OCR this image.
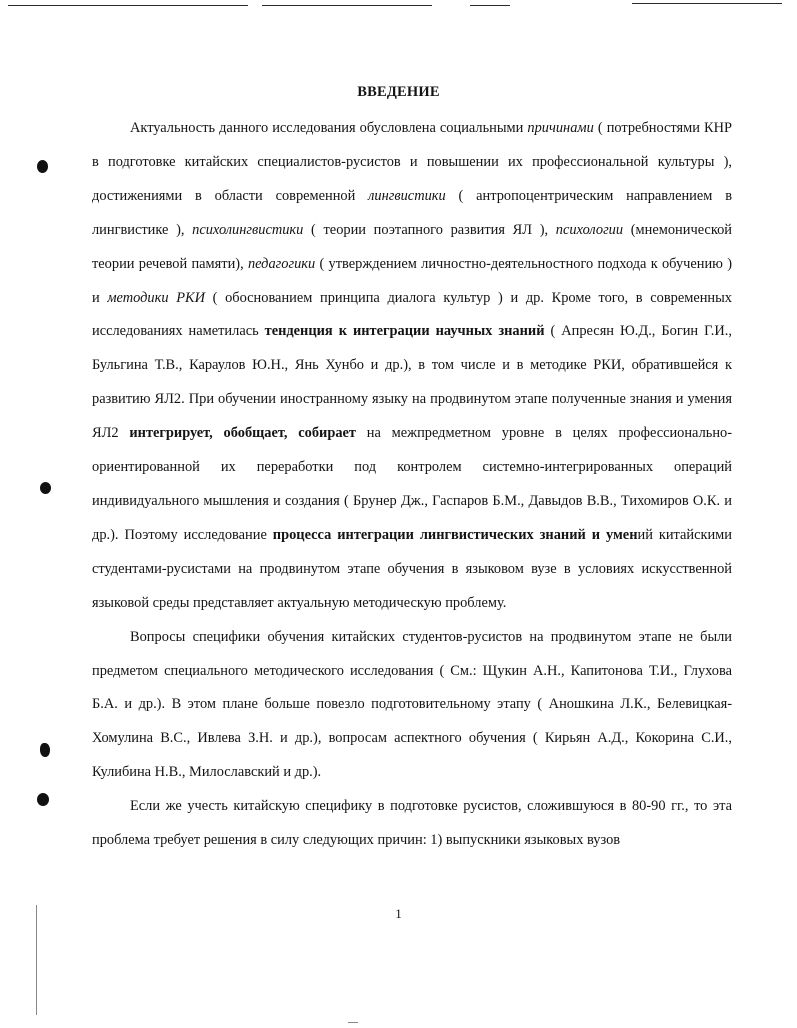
ВВЕДЕНИЕ

Актуальность данного исследования обусловлена социальными причинами ( потребностями КНР в подготовке китайских специалистов-русистов и повышении их профессиональной культуры ), достижениями в области современной лингвистики ( антропоцентрическим направлением в лингвистике ), психолингвистики ( теории поэтапного развития ЯЛ ), психологии (мнемонической теории речевой памяти), педагогики ( утверждением личностно-деятельностного подхода к обучению ) и методики РКИ ( обоснованием принципа диалога культур ) и др. Кроме того, в современных исследованиях наметилась тенденция к интеграции научных знаний ( Апресян Ю.Д., Богин Г.И., Бульгина Т.В., Караулов Ю.Н., Янь Хунбо и др.), в том числе и в методике РКИ, обратившейся к развитию ЯЛ2. При обучении иностранному языку на продвинутом этапе полученные знания и умения ЯЛ2 интегрирует, обобщает, собирает на межпредметном уровне в целях профессионально-ориентированной их переработки под контролем системно-интегрированных операций индивидуального мышления и создания ( Брунер Дж., Гаспаров Б.М., Давыдов В.В., Тихомиров О.К. и др.). Поэтому исследование процесса интеграции лингвистических знаний и умений китайскими студентами-русистами на продвинутом этапе обучения в языковом вузе в условиях искусственной языковой среды представляет актуальную методическую проблему.

Вопросы специфики обучения китайских студентов-русистов на продвинутом этапе не были предметом специального методического исследования ( См.: Щукин А.Н., Капитонова Т.И., Глухова Б.А. и др.). В этом плане больше повезло подготовительному этапу ( Аношкина Л.К., Белевицкая-Хомулина В.С., Ивлева З.Н. и др.), вопросам аспектного обучения ( Кирьян А.Д., Кокорина С.И., Кулибина Н.В., Милославский и др.).

Если же учесть китайскую специфику в подготовке русистов, сложившуюся в 80-90 гг., то эта проблема требует решения в силу следующих причин: 1) выпускники языковых вузов

1
